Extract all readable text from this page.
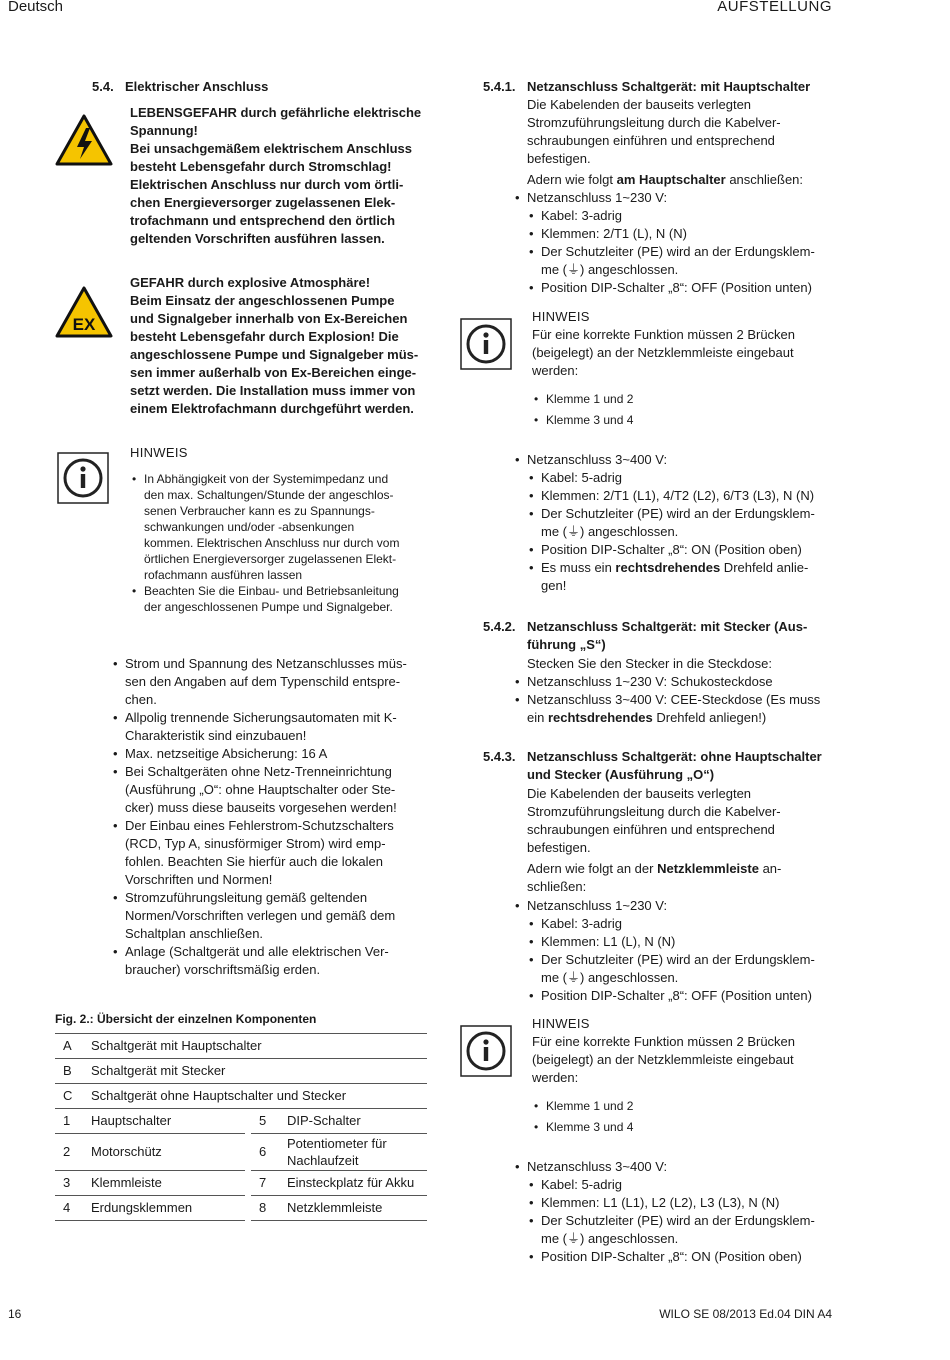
Deutsch	AUFSTELLUNG
5.4. Elektrischer Anschluss
LEBENSGEFAHR durch gefährliche elektrische
Spannung!
Bei unsachgemäßem elektrischem Anschluss
besteht Lebensgefahr durch Stromschlag!
Elektrischen Anschluss nur durch vom örtli-
chen Energieversorger zugelassenen Elek-
trofachmann und entsprechend den örtlich
geltenden Vorschriften ausführen lassen.
EX
GEFAHR durch explosive Atmosphäre!
Beim Einsatz der angeschlossenen Pumpe
und Signalgeber innerhalb von Ex-Bereichen
besteht Lebensgefahr durch Explosion! Die
angeschlossene Pumpe und Signalgeber müs-
sen immer außerhalb von Ex-Bereichen einge-
setzt werden. Die Installation muss immer von
einem Elektrofachmann durchgeführt werden.
HINWEIS
• In Abhängigkeit von der Systemimpedanz und
den max. Schaltungen/Stunde der angeschlos-
senen Verbraucher kann es zu Spannungs-
schwankungen und/oder -absenkungen
kommen. Elektrischen Anschluss nur durch vom
örtlichen Energieversorger zugelassenen Elekt-
rofachmann ausführen lassen
• Beachten Sie die Einbau- und Betriebsanleitung
der angeschlossenen Pumpe und Signalgeber.
• Strom und Spannung des Netzanschlusses müs-
sen den Angaben auf dem Typenschild entspre-
chen.
• Allpolig trennende Sicherungsautomaten mit K-
Charakteristik sind einzubauen!
• Max. netzseitige Absicherung: 16 A
• Bei Schaltgeräten ohne Netz-Trenneinrichtung
(Ausführung „O“: ohne Hauptschalter oder Ste-
cker) muss diese bauseits vorgesehen werden!
• Der Einbau eines Fehlerstrom-Schutzschalters
(RCD, Typ A, sinusförmiger Strom) wird emp-
fohlen. Beachten Sie hierfür auch die lokalen
Vorschriften und Normen!
• Stromzuführungsleitung gemäß geltenden
Normen/Vorschriften verlegen und gemäß dem
Schaltplan anschließen.
• Anlage (Schaltgerät und alle elektrischen Ver-
braucher) vorschriftsmäßig erden.
Fig. 2.: Übersicht der einzelnen Komponenten
A	Schaltgerät mit Hauptschalter			
B	Schaltgerät mit Stecker			
C	Schaltgerät ohne Hauptschalter und Stecker			
1	Hauptschalter		5	DIP-Schalter
2	Motorschütz		6	Potentiometer für Nachlaufzeit
3	Klemmleiste		7	Einsteckplatz für Akku
4	Erdungsklemmen		8	Netzklemmleiste
5.4.1. Netzanschluss Schaltgerät: mit Hauptschalter
Die Kabelenden der bauseits verlegten
Stromzuführungsleitung durch die Kabelver-
schraubungen einführen und entsprechend
befestigen.
Adern wie folgt am Hauptschalter anschließen:
• Netzanschluss 1~230 V:
• Kabel: 3-adrig
• Klemmen: 2/T1 (L), N (N)
• Der Schutzleiter (PE) wird an der Erdungsklem-
me (⏚) angeschlossen.
• Position DIP-Schalter „8“: OFF (Position unten)
HINWEIS
Für eine korrekte Funktion müssen 2 Brücken
(beigelegt) an der Netzklemmleiste eingebaut
werden:
• Klemme 1 und 2
• Klemme 3 und 4
• Netzanschluss 3~400 V:
• Kabel: 5-adrig
• Klemmen: 2/T1 (L1), 4/T2 (L2), 6/T3 (L3), N (N)
• Der Schutzleiter (PE) wird an der Erdungsklem-
me (⏚) angeschlossen.
• Position DIP-Schalter „8“: ON (Position oben)
• Es muss ein rechtsdrehendes Drehfeld anlie-
gen!
5.4.2. Netzanschluss Schaltgerät: mit Stecker (Aus-
führung „S“)
Stecken Sie den Stecker in die Steckdose:
• Netzanschluss 1~230 V: Schukosteckdose
• Netzanschluss 3~400 V: CEE-Steckdose (Es muss
ein rechtsdrehendes Drehfeld anliegen!)
5.4.3. Netzanschluss Schaltgerät: ohne Hauptschalter
und Stecker (Ausführung „O“)
Die Kabelenden der bauseits verlegten
Stromzuführungsleitung durch die Kabelver-
schraubungen einführen und entsprechend
befestigen.
Adern wie folgt an der Netzklemmleiste an-
schließen:
• Netzanschluss 1~230 V:
• Kabel: 3-adrig
• Klemmen: L1 (L), N (N)
• Der Schutzleiter (PE) wird an der Erdungsklem-
me (⏚) angeschlossen.
• Position DIP-Schalter „8“: OFF (Position unten)
HINWEIS
Für eine korrekte Funktion müssen 2 Brücken
(beigelegt) an der Netzklemmleiste eingebaut
werden:
• Klemme 1 und 2
• Klemme 3 und 4
• Netzanschluss 3~400 V:
• Kabel: 5-adrig
• Klemmen: L1 (L1), L2 (L2), L3 (L3), N (N)
• Der Schutzleiter (PE) wird an der Erdungsklem-
me (⏚) angeschlossen.
• Position DIP-Schalter „8“: ON (Position oben)
16	WILO SE 08/2013 Ed.04 DIN A4
